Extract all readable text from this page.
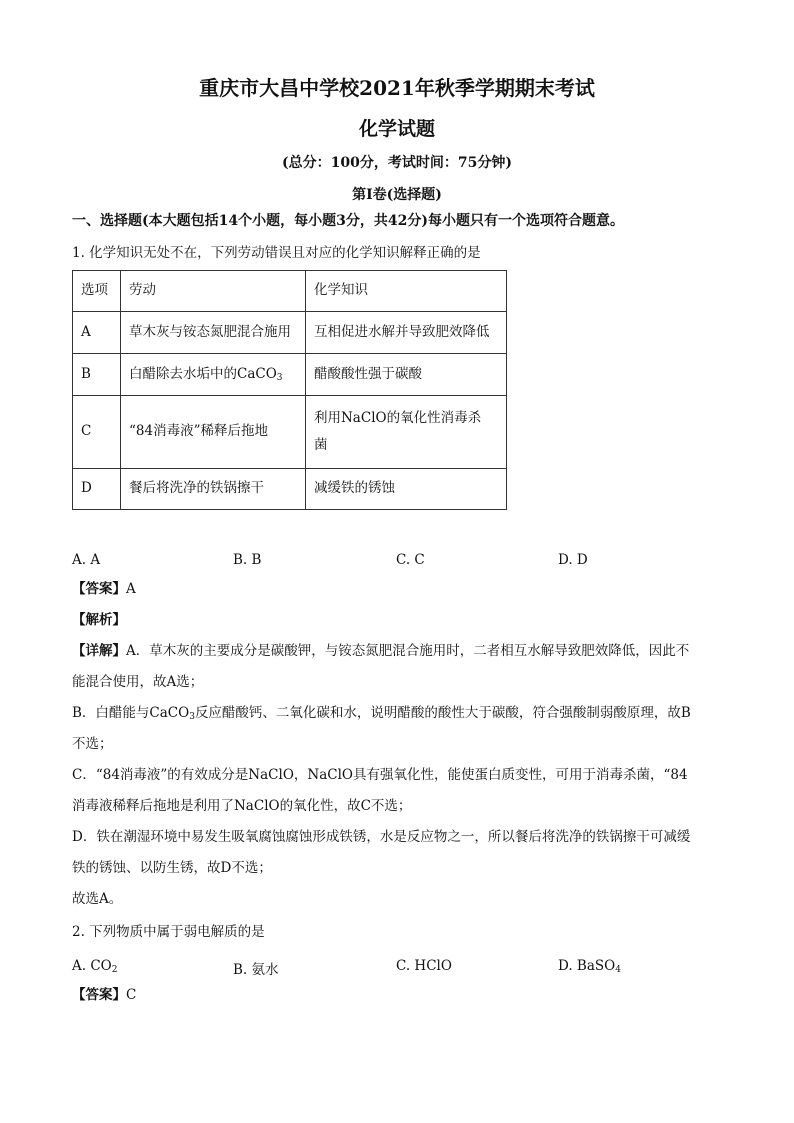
重庆市大昌中学校2021年秋季学期期末考试
化学试题
(总分：100分，考试时间：75分钟)
第I卷(选择题)
一、选择题(本大题包括14个小题，每小题3分，共42分)每小题只有一个选项符合题意。
1. 化学知识无处不在，下列劳动错误且对应的化学知识解释正确的是
选项	劳动	化学知识
A	草木灰与铵态氮肥混合施用	互相促进水解并导致肥效降低
B	白醋除去水垢中的CaCO$_3$	醋酸酸性强于碳酸
C	“84消毒液”稀释后拖地	利用NaClO的氧化性消毒杀
菌

D	餐后将洗净的铁锅擦干	减缓铁的锈蚀
A. A	B. B	C. C	D. D
【答案】A
【解析】
【详解】A．草木灰的主要成分是碳酸钾，与铵态氮肥混合施用时，二者相互水解导致肥效降低，因此不
能混合使用，故A选；
B．白醋能与CaCO$_3$反应醋酸钙、二氧化碳和水，说明醋酸的酸性大于碳酸，符合强酸制弱酸原理，故B
不选；
C．“84消毒液”的有效成分是NaClO，NaClO具有强氧化性，能使蛋白质变性，可用于消毒杀菌，“84
消毒液稀释后拖地是利用了NaClO的氧化性，故C不选；
D．铁在潮湿环境中易发生吸氧腐蚀腐蚀形成铁锈，水是反应物之一，所以餐后将洗净的铁锅擦干可减缓
铁的锈蚀、以防生锈，故D不选；
故选A。
2. 下列物质中属于弱电解质的是
A. $CO_2$	B. 氨水	C. HClO	D. BaSO$_4$
【答案】C
